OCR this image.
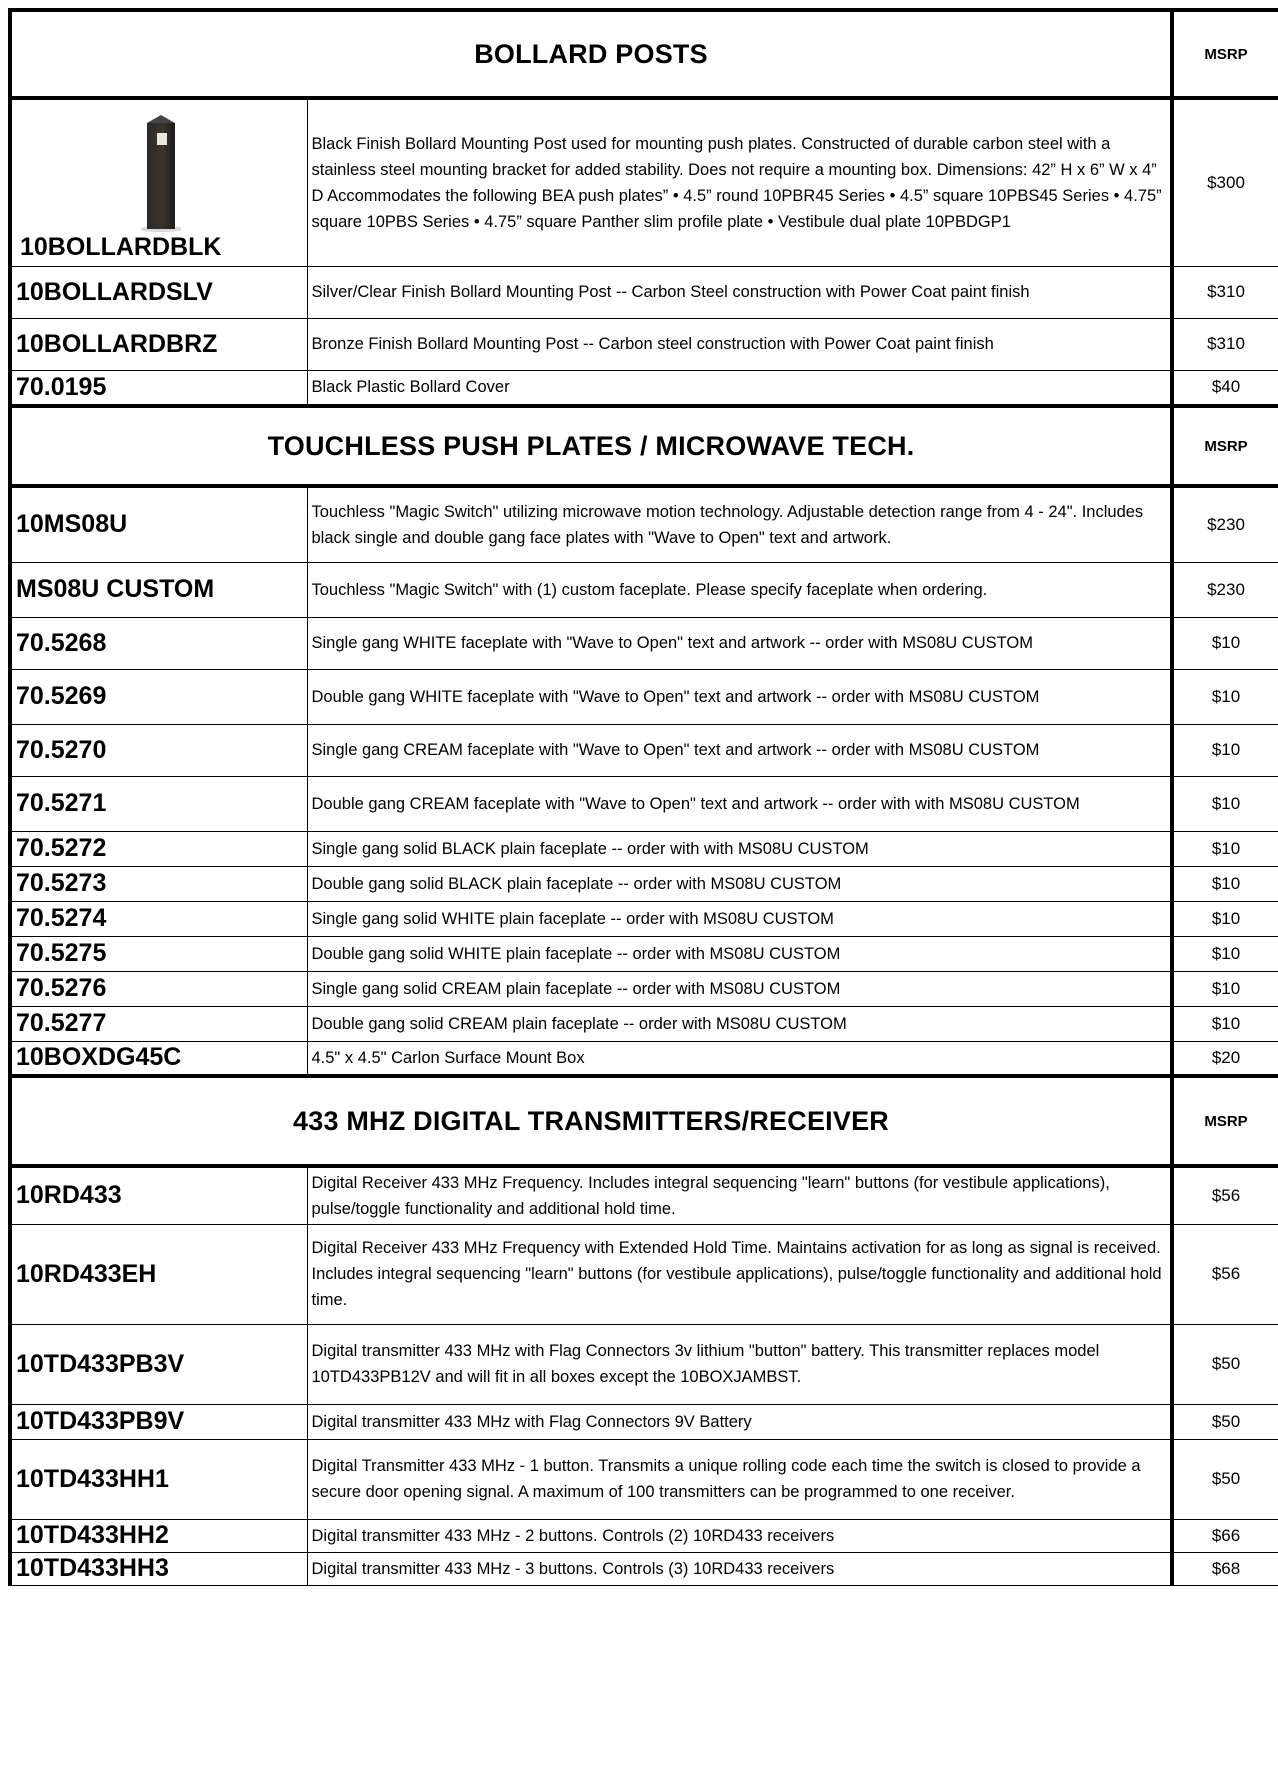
BOLLARD POSTS		MSRP

10BOLLARDBLK	Black Finish Bollard Mounting Post used for mounting push plates. Constructed of durable carbon steel with a stainless steel mounting bracket for added stability. Does not require a mounting box. Dimensions: 42” H x 6” W x 4” D Accommodates the following BEA push plates” • 4.5” round 10PBR45 Series • 4.5” square 10PBS45 Series • 4.75” square 10PBS Series • 4.75” square Panther slim profile plate • Vestibule dual plate 10PBDGP1	$300
10BOLLARDSLV	Silver/Clear Finish Bollard Mounting Post -- Carbon Steel construction with Power Coat paint finish	$310
10BOLLARDBRZ	Bronze Finish Bollard Mounting Post -- Carbon steel construction with Power Coat paint finish	$310
70.0195	Black Plastic Bollard Cover	$40
TOUCHLESS PUSH PLATES / MICROWAVE TECH.		MSRP
10MS08U	Touchless "Magic Switch" utilizing microwave motion technology. Adjustable detection range from 4 - 24". Includes black single and double gang face plates with "Wave to Open" text and artwork.	$230
MS08U CUSTOM	Touchless "Magic Switch" with (1) custom faceplate. Please specify faceplate when ordering.	$230
70.5268	Single gang WHITE faceplate with "Wave to Open" text and artwork -- order with MS08U CUSTOM	$10
70.5269	Double gang WHITE faceplate with "Wave to Open" text and artwork -- order with MS08U CUSTOM	$10
70.5270	Single gang CREAM faceplate with "Wave to Open" text and artwork -- order with MS08U CUSTOM	$10
70.5271	Double gang CREAM faceplate with "Wave to Open" text and artwork -- order with with MS08U CUSTOM	$10
70.5272	Single gang solid BLACK plain faceplate -- order with with MS08U CUSTOM	$10
70.5273	Double gang solid BLACK plain faceplate -- order with MS08U CUSTOM	$10
70.5274	Single gang solid WHITE plain faceplate -- order with MS08U CUSTOM	$10
70.5275	Double gang solid WHITE plain faceplate -- order with MS08U CUSTOM	$10
70.5276	Single gang solid CREAM plain faceplate -- order with MS08U CUSTOM	$10
70.5277	Double gang solid CREAM plain faceplate -- order with MS08U CUSTOM	$10
10BOXDG45C	4.5" x 4.5" Carlon Surface Mount Box	$20
433 MHZ DIGITAL TRANSMITTERS/RECEIVER		MSRP
10RD433	Digital Receiver 433 MHz Frequency. Includes integral sequencing "learn" buttons (for vestibule applications), pulse/toggle functionality and additional hold time.	$56
10RD433EH	Digital Receiver 433 MHz Frequency with Extended Hold Time. Maintains activation for as long as signal is received. Includes integral sequencing "learn" buttons (for vestibule applications), pulse/toggle functionality and additional hold time.	$56
10TD433PB3V	Digital transmitter 433 MHz with Flag Connectors 3v lithium "button" battery. This transmitter replaces model 10TD433PB12V and will fit in all boxes except the 10BOXJAMBST.	$50
10TD433PB9V	Digital transmitter 433 MHz with Flag Connectors 9V Battery	$50
10TD433HH1	Digital Transmitter 433 MHz - 1 button. Transmits a unique rolling code each time the switch is closed to provide a secure door opening signal. A maximum of 100 transmitters can be programmed to one receiver.	$50
10TD433HH2	Digital transmitter 433 MHz - 2 buttons. Controls (2) 10RD433 receivers	$66
10TD433HH3	Digital transmitter 433 MHz - 3 buttons. Controls (3) 10RD433 receivers	$68
